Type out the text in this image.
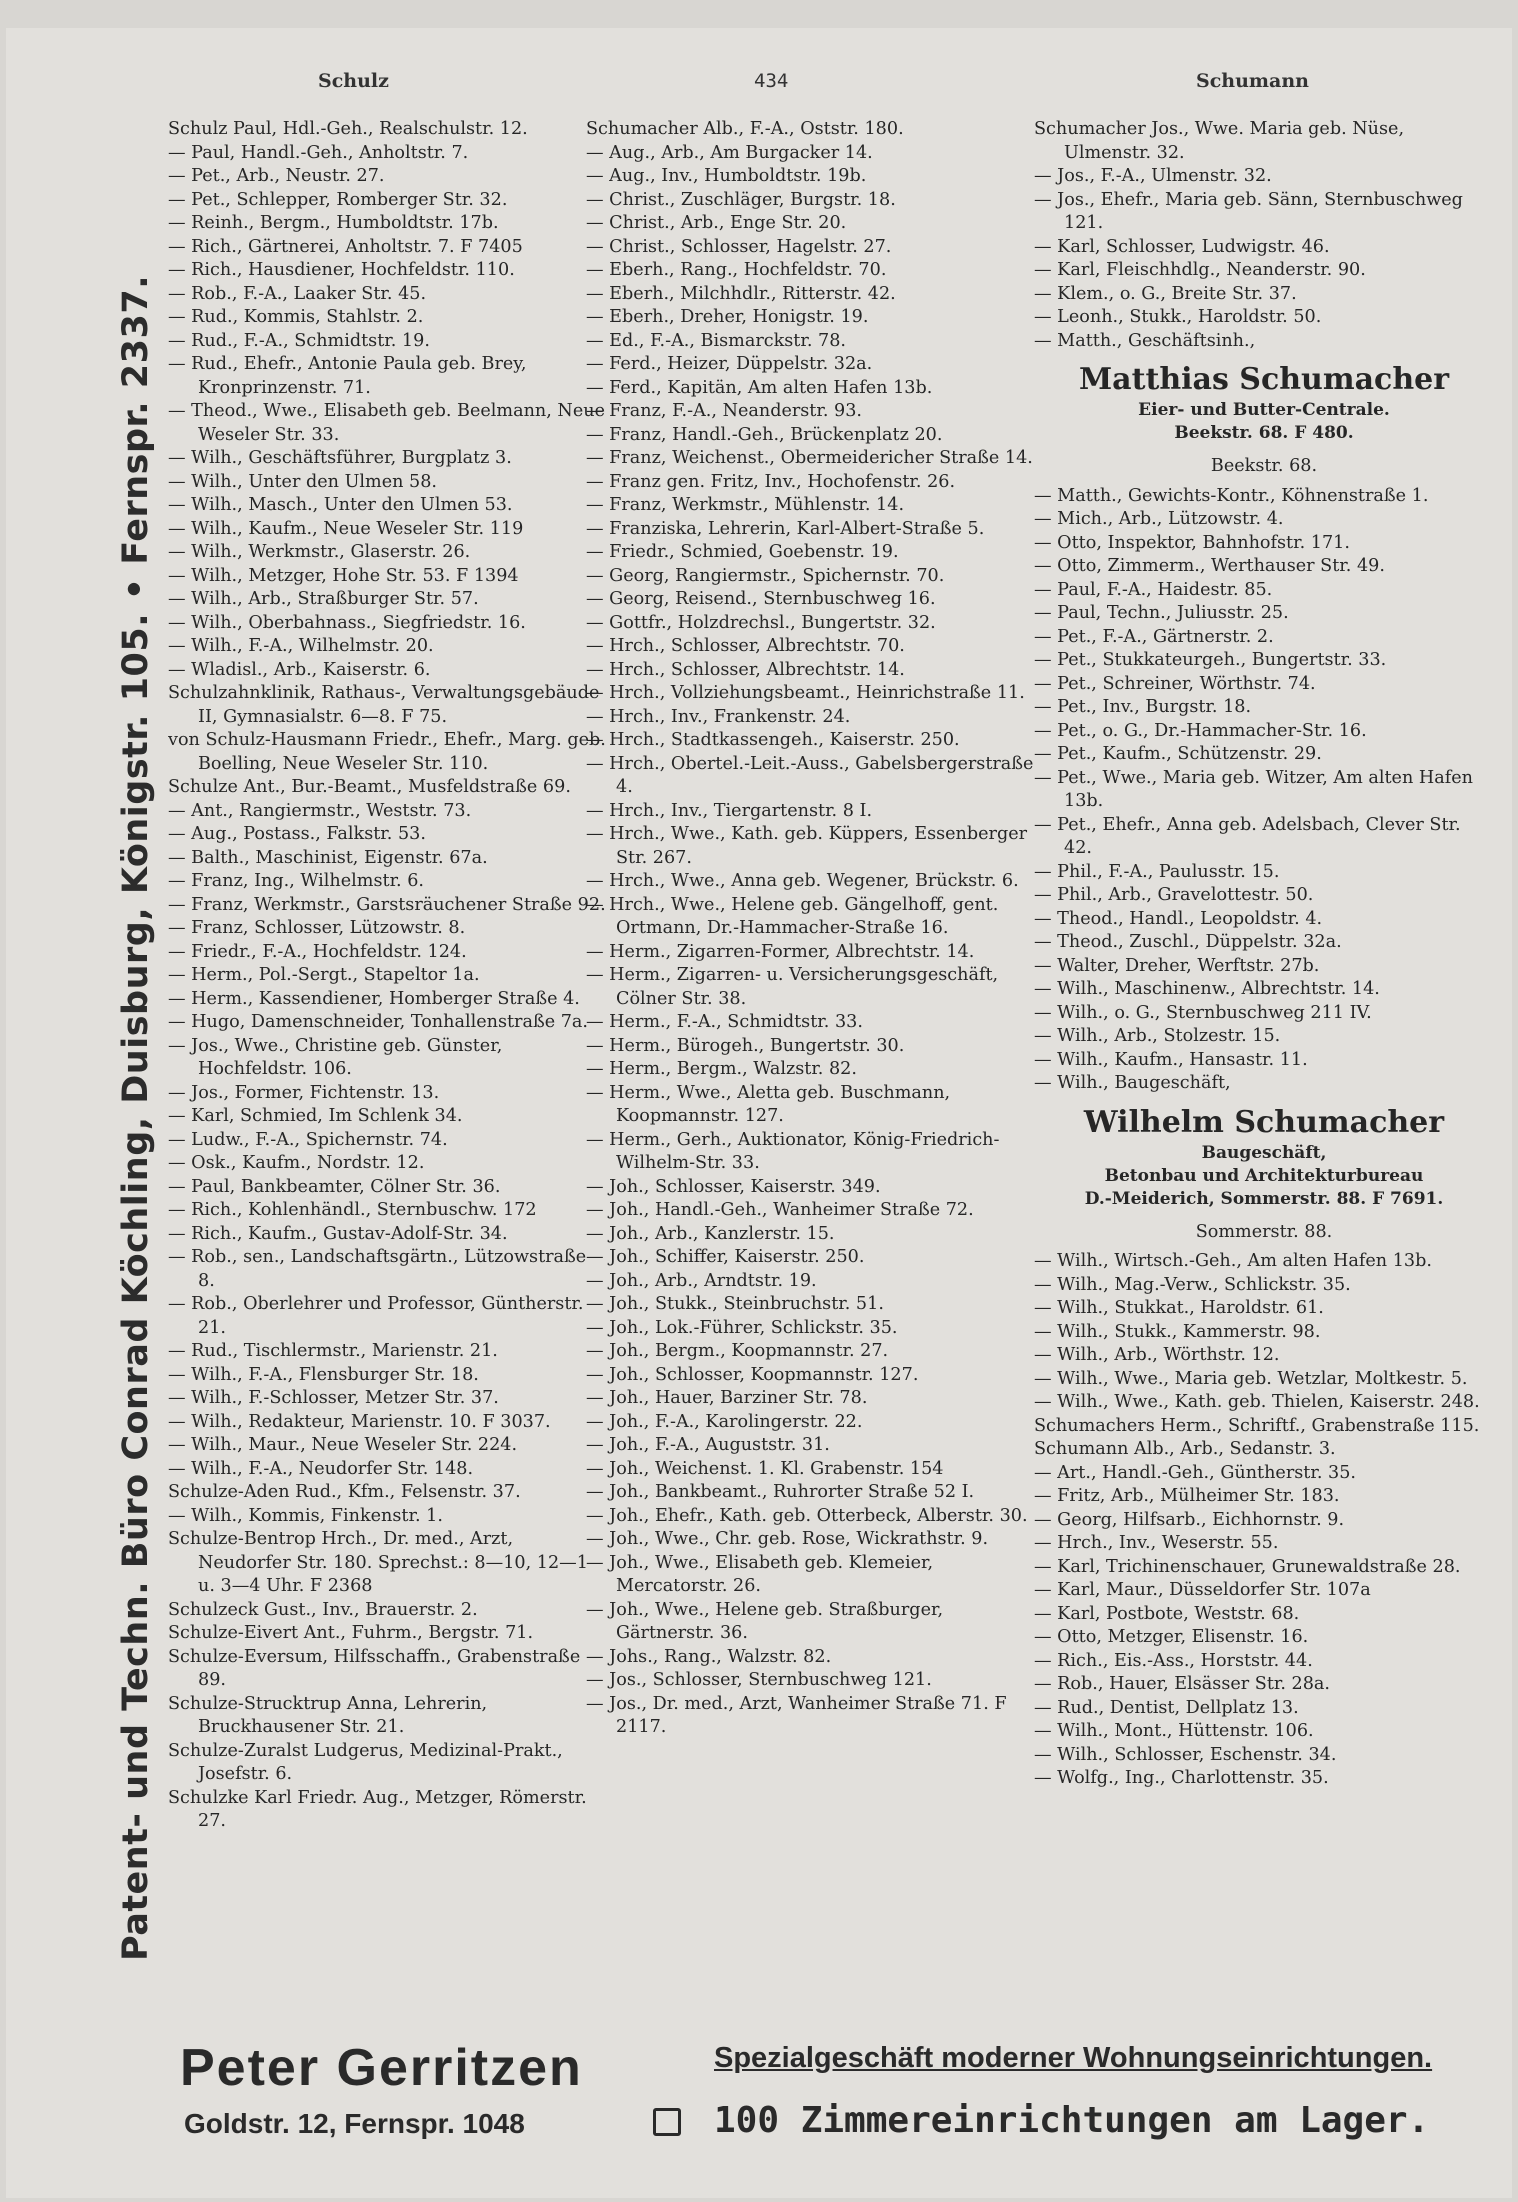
Patent- und Techn. Büro Conrad Köchling, Duisburg, Königstr. 105. • Fernspr. 2337.
Schulz	434	Schumann

Schulz Paul, Hdl.-Geh., Realschulstr. 12.

— Paul, Handl.-Geh., Anholtstr. 7.

— Pet., Arb., Neustr. 27.

— Pet., Schlepper, Romberger Str. 32.

— Reinh., Bergm., Humboldtstr. 17b.

— Rich., Gärtnerei, Anholtstr. 7. F 7405

— Rich., Hausdiener, Hochfeldstr. 110.

— Rob., F.-A., Laaker Str. 45.

— Rud., Kommis, Stahlstr. 2.

— Rud., F.-A., Schmidtstr. 19.

— Rud., Ehefr., Antonie Paula geb. Brey, Kronprinzenstr. 71.

— Theod., Wwe., Elisabeth geb. Beelmann, Neue Weseler Str. 33.

— Wilh., Geschäftsführer, Burgplatz 3.

— Wilh., Unter den Ulmen 58.

— Wilh., Masch., Unter den Ulmen 53.

— Wilh., Kaufm., Neue Weseler Str. 119

— Wilh., Werkmstr., Glaserstr. 26.

— Wilh., Metzger, Hohe Str. 53. F 1394

— Wilh., Arb., Straßburger Str. 57.

— Wilh., Oberbahnass., Siegfriedstr. 16.

— Wilh., F.-A., Wilhelmstr. 20.

— Wladisl., Arb., Kaiserstr. 6.

Schulzahnklinik, Rathaus-, Verwaltungsgebäude II, Gymnasialstr. 6—8. F 75.

von Schulz-Hausmann Friedr., Ehefr., Marg. geb. Boelling, Neue Weseler Str. 110.

Schulze Ant., Bur.-Beamt., Musfeldstraße 69.

— Ant., Rangiermstr., Weststr. 73.

— Aug., Postass., Falkstr. 53.

— Balth., Maschinist, Eigenstr. 67a.

— Franz, Ing., Wilhelmstr. 6.

— Franz, Werkmstr., Garstsräuchener Straße 92.

— Franz, Schlosser, Lützowstr. 8.

— Friedr., F.-A., Hochfeldstr. 124.

— Herm., Pol.-Sergt., Stapeltor 1a.

— Herm., Kassendiener, Homberger Straße 4.

— Hugo, Damenschneider, Tonhallenstraße 7a.

— Jos., Wwe., Christine geb. Günster, Hochfeldstr. 106.

— Jos., Former, Fichtenstr. 13.

— Karl, Schmied, Im Schlenk 34.

— Ludw., F.-A., Spichernstr. 74.

— Osk., Kaufm., Nordstr. 12.

— Paul, Bankbeamter, Cölner Str. 36.

— Rich., Kohlenhändl., Sternbuschw. 172

— Rich., Kaufm., Gustav-Adolf-Str. 34.

— Rob., sen., Landschaftsgärtn., Lützowstraße 8.

— Rob., Oberlehrer und Professor, Güntherstr. 21.

— Rud., Tischlermstr., Marienstr. 21.

— Wilh., F.-A., Flensburger Str. 18.

— Wilh., F.-Schlosser, Metzer Str. 37.

— Wilh., Redakteur, Marienstr. 10. F 3037.

— Wilh., Maur., Neue Weseler Str. 224.

— Wilh., F.-A., Neudorfer Str. 148.

Schulze-Aden Rud., Kfm., Felsenstr. 37.

— Wilh., Kommis, Finkenstr. 1.

Schulze-Bentrop Hrch., Dr. med., Arzt, Neudorfer Str. 180. Sprechst.: 8—10, 12—1 u. 3—4 Uhr. F 2368

Schulzeck Gust., Inv., Brauerstr. 2.

Schulze-Eivert Ant., Fuhrm., Bergstr. 71.

Schulze-Eversum, Hilfsschaffn., Grabenstraße 89.

Schulze-Strucktrup Anna, Lehrerin, Bruckhausener Str. 21.

Schulze-Zuralst Ludgerus, Medizinal-Prakt., Josefstr. 6.

Schulzke Karl Friedr. Aug., Metzger, Römerstr. 27.

Schumacher Alb., F.-A., Oststr. 180.

— Aug., Arb., Am Burgacker 14.

— Aug., Inv., Humboldtstr. 19b.

— Christ., Zuschläger, Burgstr. 18.

— Christ., Arb., Enge Str. 20.

— Christ., Schlosser, Hagelstr. 27.

— Eberh., Rang., Hochfeldstr. 70.

— Eberh., Milchhdlr., Ritterstr. 42.

— Eberh., Dreher, Honigstr. 19.

— Ed., F.-A., Bismarckstr. 78.

— Ferd., Heizer, Düppelstr. 32a.

— Ferd., Kapitän, Am alten Hafen 13b.

— Franz, F.-A., Neanderstr. 93.

— Franz, Handl.-Geh., Brückenplatz 20.

— Franz, Weichenst., Obermeidericher Straße 14.

— Franz gen. Fritz, Inv., Hochofenstr. 26.

— Franz, Werkmstr., Mühlenstr. 14.

— Franziska, Lehrerin, Karl-Albert-Straße 5.

— Friedr., Schmied, Goebenstr. 19.

— Georg, Rangiermstr., Spichernstr. 70.

— Georg, Reisend., Sternbuschweg 16.

— Gottfr., Holzdrechsl., Bungertstr. 32.

— Hrch., Schlosser, Albrechtstr. 70.

— Hrch., Schlosser, Albrechtstr. 14.

— Hrch., Vollziehungsbeamt., Heinrichstraße 11.

— Hrch., Inv., Frankenstr. 24.

— Hrch., Stadtkassengeh., Kaiserstr. 250.

— Hrch., Obertel.-Leit.-Auss., Gabelsbergerstraße 4.

— Hrch., Inv., Tiergartenstr. 8 I.

— Hrch., Wwe., Kath. geb. Küppers, Essenberger Str. 267.

— Hrch., Wwe., Anna geb. Wegener, Brückstr. 6.

— Hrch., Wwe., Helene geb. Gängelhoff, gent. Ortmann, Dr.-Hammacher-Straße 16.

— Herm., Zigarren-Former, Albrechtstr. 14.

— Herm., Zigarren- u. Versicherungsgeschäft, Cölner Str. 38.

— Herm., F.-A., Schmidtstr. 33.

— Herm., Bürogeh., Bungertstr. 30.

— Herm., Bergm., Walzstr. 82.

— Herm., Wwe., Aletta geb. Buschmann, Koopmannstr. 127.

— Herm., Gerh., Auktionator, König-Friedrich-Wilhelm-Str. 33.

— Joh., Schlosser, Kaiserstr. 349.

— Joh., Handl.-Geh., Wanheimer Straße 72.

— Joh., Arb., Kanzlerstr. 15.

— Joh., Schiffer, Kaiserstr. 250.

— Joh., Arb., Arndtstr. 19.

— Joh., Stukk., Steinbruchstr. 51.

— Joh., Lok.-Führer, Schlickstr. 35.

— Joh., Bergm., Koopmannstr. 27.

— Joh., Schlosser, Koopmannstr. 127.

— Joh., Hauer, Barziner Str. 78.

— Joh., F.-A., Karolingerstr. 22.

— Joh., F.-A., Auguststr. 31.

— Joh., Weichenst. 1. Kl. Grabenstr. 154

— Joh., Bankbeamt., Ruhrorter Straße 52 I.

— Joh., Ehefr., Kath. geb. Otterbeck, Alberstr. 30.

— Joh., Wwe., Chr. geb. Rose, Wickrathstr. 9.

— Joh., Wwe., Elisabeth geb. Klemeier, Mercatorstr. 26.

— Joh., Wwe., Helene geb. Straßburger, Gärtnerstr. 36.

— Johs., Rang., Walzstr. 82.

— Jos., Schlosser, Sternbuschweg 121.

— Jos., Dr. med., Arzt, Wanheimer Straße 71. F 2117.

Schumacher Jos., Wwe. Maria geb. Nüse, Ulmenstr. 32.

— Jos., F.-A., Ulmenstr. 32.

— Jos., Ehefr., Maria geb. Sänn, Sternbuschweg 121.

— Karl, Schlosser, Ludwigstr. 46.

— Karl, Fleischhdlg., Neanderstr. 90.

— Klem., o. G., Breite Str. 37.

— Leonh., Stukk., Haroldstr. 50.

— Matth., Geschäftsinh.,

Matthias Schumacher
Eier- und Butter-Centrale.
Beekstr. 68. F 480.
Beekstr. 68.

— Matth., Gewichts-Kontr., Köhnenstraße 1.

— Mich., Arb., Lützowstr. 4.

— Otto, Inspektor, Bahnhofstr. 171.

— Otto, Zimmerm., Werthauser Str. 49.

— Paul, F.-A., Haidestr. 85.

— Paul, Techn., Juliusstr. 25.

— Pet., F.-A., Gärtnerstr. 2.

— Pet., Stukkateurgeh., Bungertstr. 33.

— Pet., Schreiner, Wörthstr. 74.

— Pet., Inv., Burgstr. 18.

— Pet., o. G., Dr.-Hammacher-Str. 16.

— Pet., Kaufm., Schützenstr. 29.

— Pet., Wwe., Maria geb. Witzer, Am alten Hafen 13b.

— Pet., Ehefr., Anna geb. Adelsbach, Clever Str. 42.

— Phil., F.-A., Paulusstr. 15.

— Phil., Arb., Gravelottestr. 50.

— Theod., Handl., Leopoldstr. 4.

— Theod., Zuschl., Düppelstr. 32a.

— Walter, Dreher, Werftstr. 27b.

— Wilh., Maschinenw., Albrechtstr. 14.

— Wilh., o. G., Sternbuschweg 211 IV.

— Wilh., Arb., Stolzestr. 15.

— Wilh., Kaufm., Hansastr. 11.

— Wilh., Baugeschäft,

Wilhelm Schumacher
Baugeschäft,
Betonbau und Architekturbureau
D.-Meiderich, Sommerstr. 88. F 7691.
Sommerstr. 88.

— Wilh., Wirtsch.-Geh., Am alten Hafen 13b.

— Wilh., Mag.-Verw., Schlickstr. 35.

— Wilh., Stukkat., Haroldstr. 61.

— Wilh., Stukk., Kammerstr. 98.

— Wilh., Arb., Wörthstr. 12.

— Wilh., Wwe., Maria geb. Wetzlar, Moltkestr. 5.

— Wilh., Wwe., Kath. geb. Thielen, Kaiserstr. 248.

Schumachers Herm., Schriftf., Grabenstraße 115.

Schumann Alb., Arb., Sedanstr. 3.

— Art., Handl.-Geh., Güntherstr. 35.

— Fritz, Arb., Mülheimer Str. 183.

— Georg, Hilfsarb., Eichhornstr. 9.

— Hrch., Inv., Weserstr. 55.

— Karl, Trichinenschauer, Grunewaldstraße 28.

— Karl, Maur., Düsseldorfer Str. 107a

— Karl, Postbote, Weststr. 68.

— Otto, Metzger, Elisenstr. 16.

— Rich., Eis.-Ass., Horststr. 44.

— Rob., Hauer, Elsässer Str. 28a.

— Rud., Dentist, Dellplatz 13.

— Wilh., Mont., Hüttenstr. 106.

— Wilh., Schlosser, Eschenstr. 34.

— Wolfg., Ing., Charlottenstr. 35.

Peter Gerritzen
Goldstr. 12, Fernspr. 1048
Spezialgeschäft moderner Wohnungseinrichtungen.
100 Zimmereinrichtungen am Lager.
